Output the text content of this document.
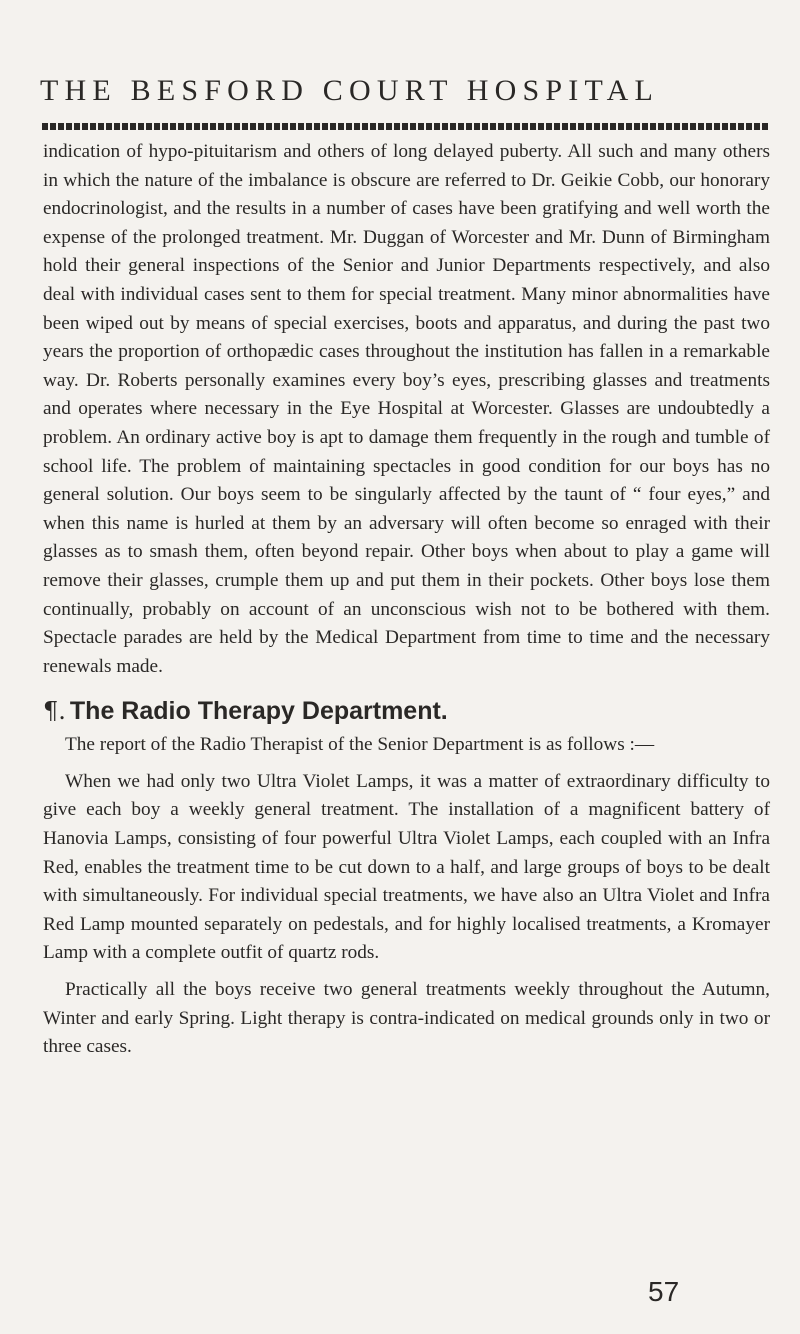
THE BESFORD COURT HOSPITAL

indication of hypo-pituitarism and others of long delayed puberty. All such and many others in which the nature of the imbalance is obscure are referred to Dr. Geikie Cobb, our honorary endocrinologist, and the results in a number of cases have been gratifying and well worth the expense of the prolonged treatment. Mr. Duggan of Worcester and Mr. Dunn of Birmingham hold their general inspections of the Senior and Junior Departments respectively, and also deal with individual cases sent to them for special treatment. Many minor abnormalities have been wiped out by means of special exercises, boots and apparatus, and during the past two years the proportion of orthopædic cases throughout the institution has fallen in a remarkable way. Dr. Roberts personally examines every boy’s eyes, prescribing glasses and treatments and operates where necessary in the Eye Hospital at Worcester. Glasses are undoubtedly a problem. An ordinary active boy is apt to damage them frequently in the rough and tumble of school life. The problem of maintaining spectacles in good condition for our boys has no general solution. Our boys seem to be singularly affected by the taunt of “ four eyes,” and when this name is hurled at them by an adversary will often become so enraged with their glasses as to smash them, often beyond repair. Other boys when about to play a game will remove their glasses, crumple them up and put them in their pockets. Other boys lose them continually, probably on account of an unconscious wish not to be bothered with them. Spectacle parades are held by the Medical Department from time to time and the necessary renewals made.

¶. The Radio Therapy Department.

The report of the Radio Therapist of the Senior Department is as follows :—

When we had only two Ultra Violet Lamps, it was a matter of extraordinary difficulty to give each boy a weekly general treatment. The installation of a magnificent battery of Hanovia Lamps, consisting of four powerful Ultra Violet Lamps, each coupled with an Infra Red, enables the treatment time to be cut down to a half, and large groups of boys to be dealt with simultaneously. For individual special treatments, we have also an Ultra Violet and Infra Red Lamp mounted separately on pedestals, and for highly localised treatments, a Kromayer Lamp with a complete outfit of quartz rods.

Practically all the boys receive two general treatments weekly throughout the Autumn, Winter and early Spring. Light therapy is contra-indicated on medical grounds only in two or three cases.

57
